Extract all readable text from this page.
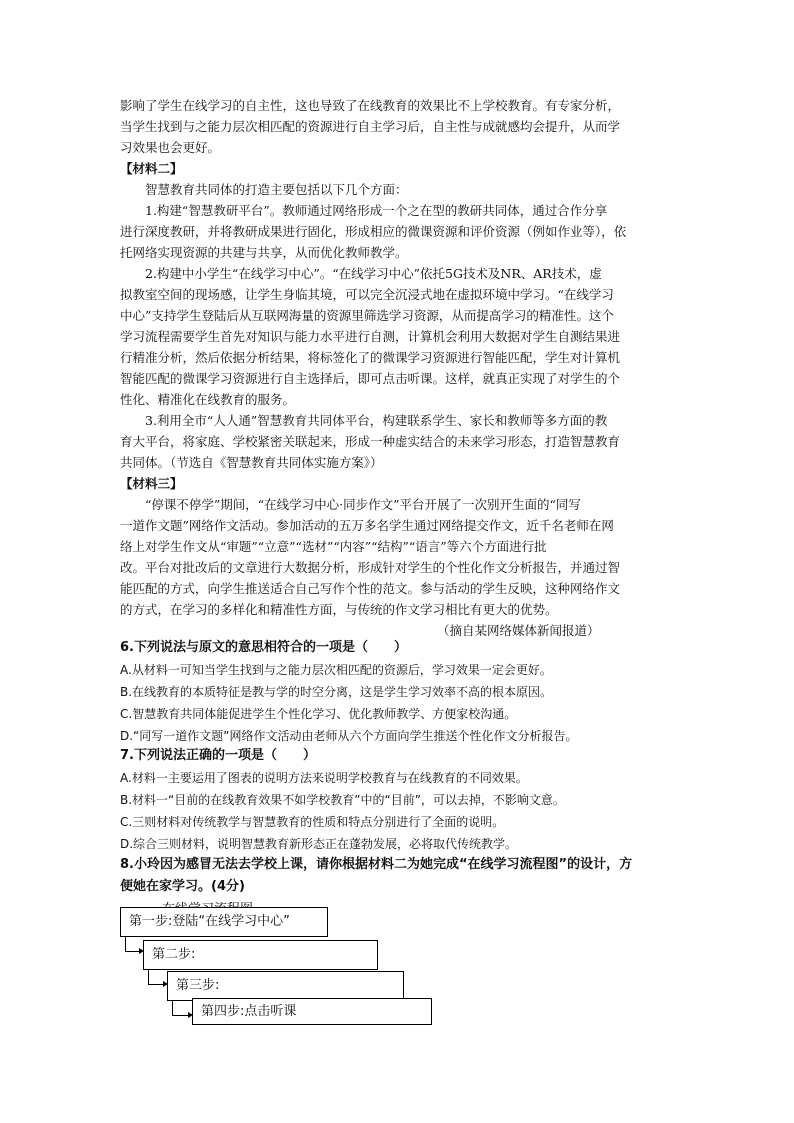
影响了学生在线学习的自主性，这也导致了在线教育的效果比不上学校教育。有专家分析，
当学生找到与之能力层次相匹配的资源进行自主学习后，自主性与成就感均会提升，从而学
习效果也会更好。
【材料二】
　　智慧教育共同体的打造主要包括以下几个方面：
　　1.构建“智慧教研平台”。教师通过网络形成一个之在型的教研共同体，通过合作分享
进行深度教研，并将教研成果进行固化，形成相应的微课资源和评价资源（例如作业等），依
托网络实现资源的共建与共享，从而优化教师教学。
　　2.构建中小学生“在线学习中心”。“在线学习中心”依托5G技术及NR、AR技术，虚
拟教室空间的现场感，让学生身临其境，可以完全沉浸式地在虚拟环境中学习。“在线学习
中心”支持学生登陆后从互联网海量的资源里筛选学习资源，从而提高学习的精准性。这个
学习流程需要学生首先对知识与能力水平进行自测，计算机会利用大数据对学生自测结果进
行精准分析，然后依据分析结果，将标签化了的微课学习资源进行智能匹配，学生对计算机
智能匹配的微课学习资源进行自主选择后，即可点击听课。这样，就真正实现了对学生的个
性化、精准化在线教育的服务。
　　3.利用全市“人人通”智慧教育共同体平台，构建联系学生、家长和教师等多方面的教
育大平台，将家庭、学校紧密关联起来，形成一种虚实结合的未来学习形态，打造智慧教育
共同体。（节选自《智慧教育共同体实施方案》）
【材料三】
　　“停课不停学”期间，“在线学习中心·同步作文”平台开展了一次别开生面的“同写
一道作文题”网络作文活动。参加活动的五万多名学生通过网络提交作文，近千名老师在网
络上对学生作文从“审题”“立意”“选材”“内容”“结构”“语言”等六个方面进行批
改。平台对批改后的文章进行大数据分析，形成针对学生的个性化作文分析报告，并通过智
能匹配的方式，向学生推送适合自己写作个性的范文。参与活动的学生反映，这种网络作文
的方式，在学习的多样化和精准性方面，与传统的作文学习相比有更大的优势。
（摘自某网络媒体新闻报道）
6.下列说法与原文的意思相符合的一项是（　　）
A.从材料一可知当学生找到与之能力层次相匹配的资源后，学习效果一定会更好。
B.在线教育的本质特征是教与学的时空分离，这是学生学习效率不高的根本原因。
C.智慧教育共同体能促进学生个性化学习、优化教师教学、方便家校沟通。
D.“同写一道作文题”网络作文活动由老师从六个方面向学生推送个性化作文分析报告。
7.下列说法正确的一项是（　　）
A.材料一主要运用了图表的说明方法来说明学校教育与在线教育的不同效果。
B.材料一“目前的在线教育效果不如学校教育”中的“目前”，可以去掉，不影响文意。
C.三则材料对传统教学与智慧教育的性质和特点分别进行了全面的说明。
D.综合三则材料，说明智慧教育新形态正在蓬勃发展，必将取代传统教学。
8.小玲因为感冒无法去学校上课，请你根据材料二为她完成“在线学习流程图”的设计，方
便她在家学习。(4分)
第一步:登陆“在线学习中心”
第二步:
第三步:
第四步:点击听课
